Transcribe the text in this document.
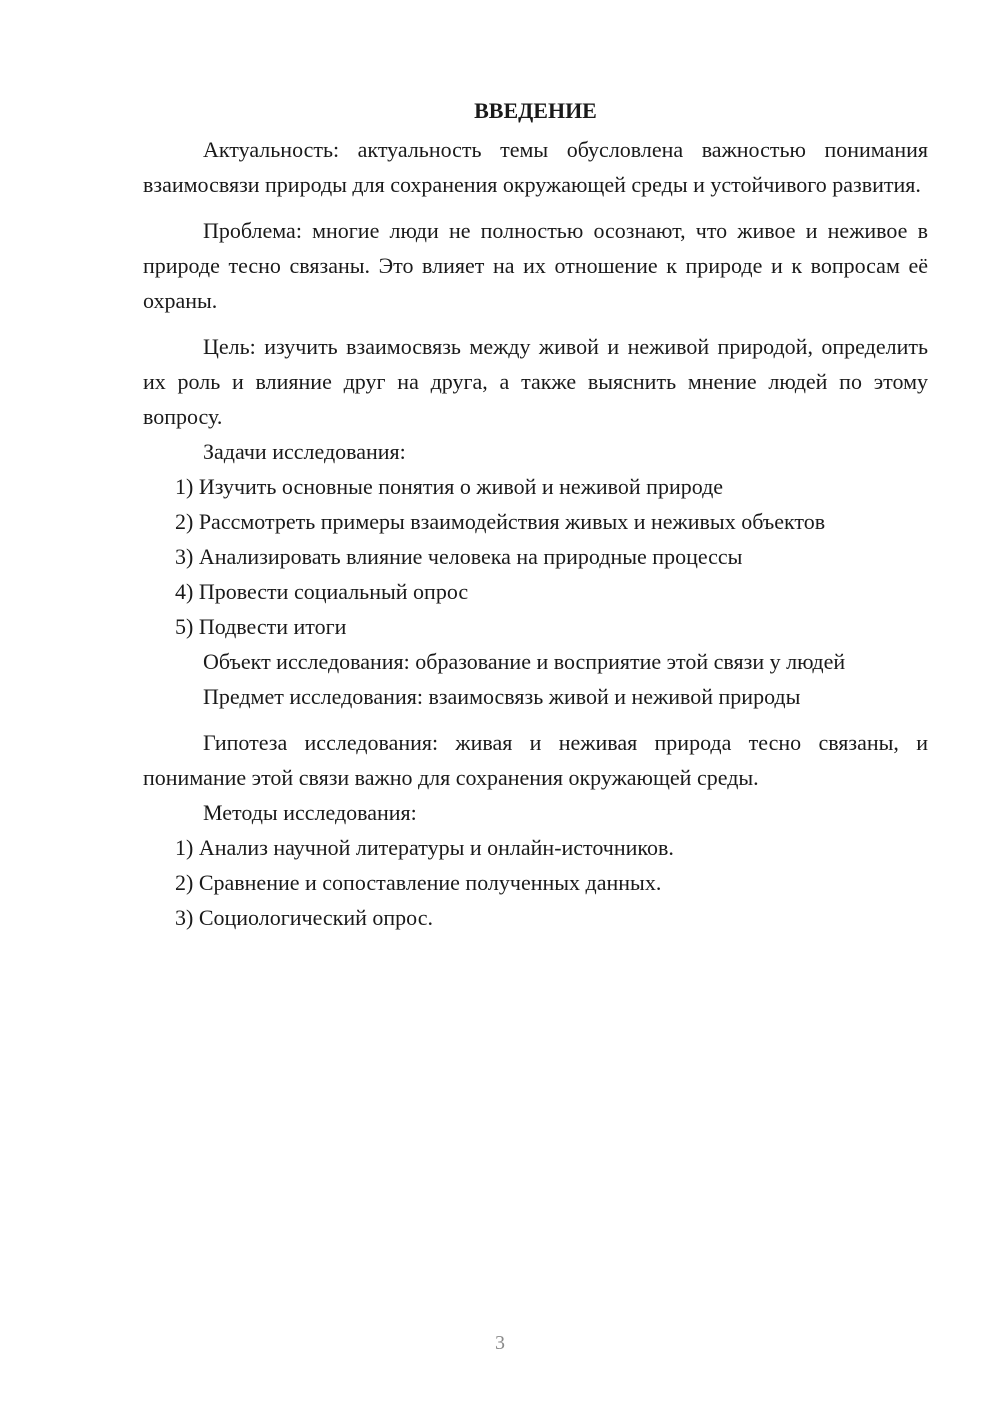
ВВЕДЕНИЕ

Актуальность: актуальность темы обусловлена важностью понимания взаимосвязи природы для сохранения окружающей среды и устойчивого развития.

Проблема: многие люди не полностью осознают, что живое и неживое в природе тесно связаны. Это влияет на их отношение к природе и к вопросам её охраны.

Цель: изучить взаимосвязь между живой и неживой природой, определить их роль и влияние друг на друга, а также выяснить мнение людей по этому вопросу.

Задачи исследования:

1) Изучить основные понятия о живой и неживой природе

2) Рассмотреть примеры взаимодействия живых и неживых объектов

3) Анализировать влияние человека на природные процессы

4) Провести социальный опрос

5) Подвести итоги

Объект исследования: образование и восприятие этой связи у людей

Предмет исследования: взаимосвязь живой и неживой природы

Гипотеза исследования: живая и неживая природа тесно связаны, и понимание этой связи важно для сохранения окружающей среды.

Методы исследования:

1) Анализ научной литературы и онлайн-источников.

2) Сравнение и сопоставление полученных данных.

3) Социологический опрос.

3
